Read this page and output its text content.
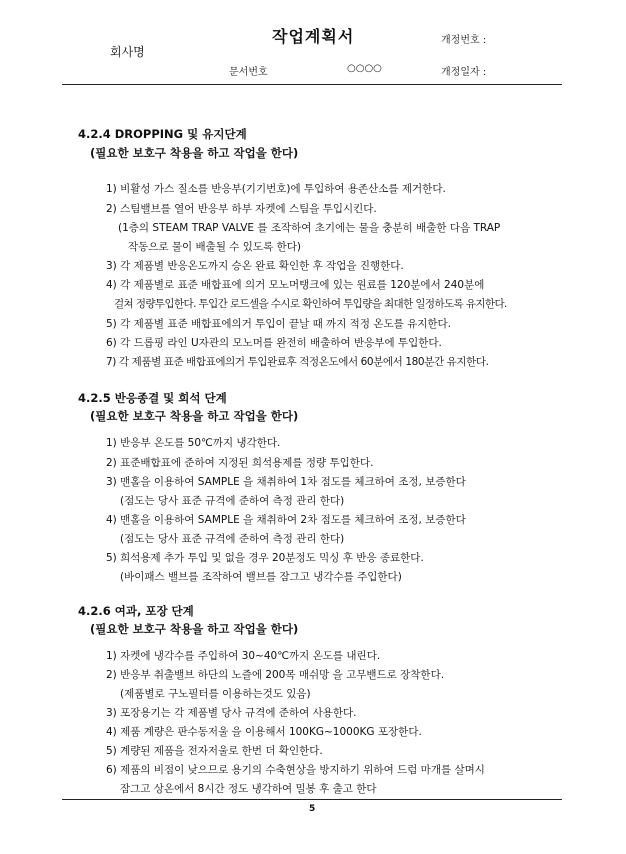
작업계획서	개정번호 :
회사명
문서번호	○○○○	개정일자 :
4.2.4 DROPPING 및 유지단계
(필요한 보호구 착용을 하고 작업을 한다)
1) 비활성 가스 질소를 반응부(기기번호)에 투입하여 용존산소를 제거한다.
2) 스팀밸브를 열어 반응부 하부 자켓에 스팀을 투입시킨다.
(1층의 STEAM TRAP VALVE 를 조작하여 초기에는 물을 충분히 배출한 다음 TRAP
작동으로 물이 배출될 수 있도록 한다)
3) 각 제품별 반응온도까지 승온 완료 확인한 후 작업을 진행한다.
4) 각 제품별로 표준 배합표에 의거 모노머탱크에 있는 원료를 120분에서 240분에
걸쳐 정량투입한다. 투입간 로드셀을 수시로 확인하여 투입량을 최대한 일정하도록 유지한다.
5) 각 제품별 표준 배합표에의거 투입이 끝날 때 까지 적정 온도를 유지한다.
6) 각 드롭핑 라인 U자관의 모노머를 완전히 배출하여 반응부에 투입한다.
7) 각 제품별 표준 배합표에의거 투입완료후 적정온도에서 60분에서 180분간 유지한다.
4.2.5 반응종결 및 희석 단계
(필요한 보호구 착용을 하고 작업을 한다)
1) 반응부 온도를 50℃까지 냉각한다.
2) 표준배합표에 준하여 지정된 희석용제를 정량 투입한다.
3) 맨홀을 이용하여 SAMPLE 을 채취하여 1차 점도를 체크하여 조정, 보증한다
(점도는 당사 표준 규격에 준하여 측정 관리 한다)
4) 맨홀을 이용하여 SAMPLE 을 채취하여 2차 점도를 체크하여 조정, 보증한다
(점도는 당사 표준 규격에 준하여 측정 관리 한다)
5) 희석용제 추가 투입 및 없을 경우 20분정도 믹싱 후 반응 종료한다.
(바이패스 밸브를 조작하여 밸브를 잠그고 냉각수를 주입한다)
4.2.6 여과, 포장 단계
(필요한 보호구 착용을 하고 작업을 한다)
1) 자켓에 냉각수를 주입하여 30~40℃까지 온도를 내린다.
2) 반응부 취출밸브 하단의 노즐에 200목 매쉬망 을 고무밴드로 장착한다.
(제품별로 구노필터를 이용하는것도 있음)
3) 포장용기는 각 제품별 당사 규격에 준하여 사용한다.
4) 제품 계량은 판수동저울 을 이용해서 100KG~1000KG 포장한다.
5) 계량된 제품을 전자저울로 한번 더 확인한다.
6) 제품의 비점이 낮으므로 용기의 수축현상을 방지하기 위하여 드럼 마개를 살며시
잠그고 상온에서 8시간 정도 냉각하여 밀봉 후 출고 한다
5
